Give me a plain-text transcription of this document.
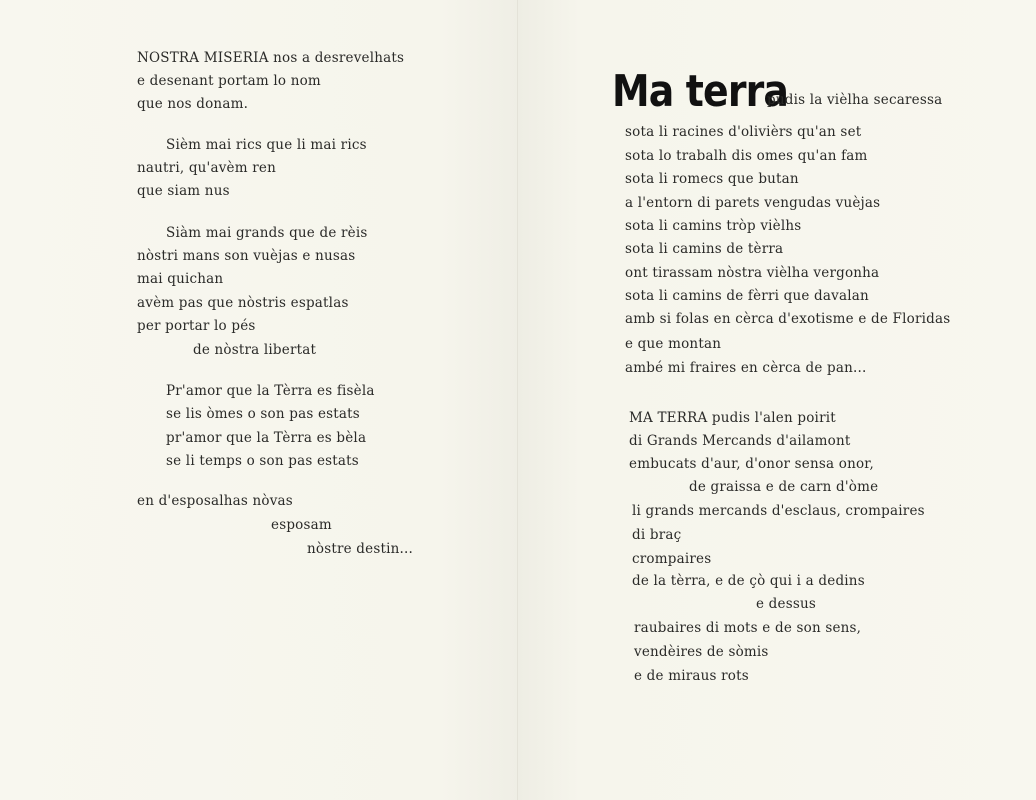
NOSTRA MISERIA nos a desrevelhats
e desenant portam lo nom
que nos donam.
Sièm mai rics que li mai rics
nautri, qu'avèm ren
que siam nus
Siàm mai grands que de rèis
nòstri mans son vuèjas e nusas
mai quichan
avèm pas que nòstris espatlas
per portar lo pés
de nòstra libertat
Pr'amor que la Tèrra es fisèla
se lis òmes o son pas estats
pr'amor que la Tèrra es bèla
se li temps o son pas estats
en d'esposalhas nòvas
esposam
nòstre destin...
Ma terra
pudis la vièlha secaressa
sota li racines d'olivièrs qu'an set
sota lo trabalh dis omes qu'an fam
sota li romecs que butan
a l'entorn di parets vengudas vuèjas
sota li camins tròp vièlhs
sota li camins de tèrra
ont tirassam nòstra vièlha vergonha
sota li camins de fèrri que davalan
amb si folas en cèrca d'exotisme e de Floridas
e que montan
ambé mi fraires en cèrca de pan...
MA TERRA pudis l'alen poirit
di Grands Mercands d'ailamont
embucats d'aur, d'onor sensa onor,
de graissa e de carn d'òme
li grands mercands d'esclaus, crompaires
di braç
crompaires
de la tèrra, e de çò qui i a dedins
e dessus
raubaires di mots e de son sens,
vendèires de sòmis
e de miraus rots
